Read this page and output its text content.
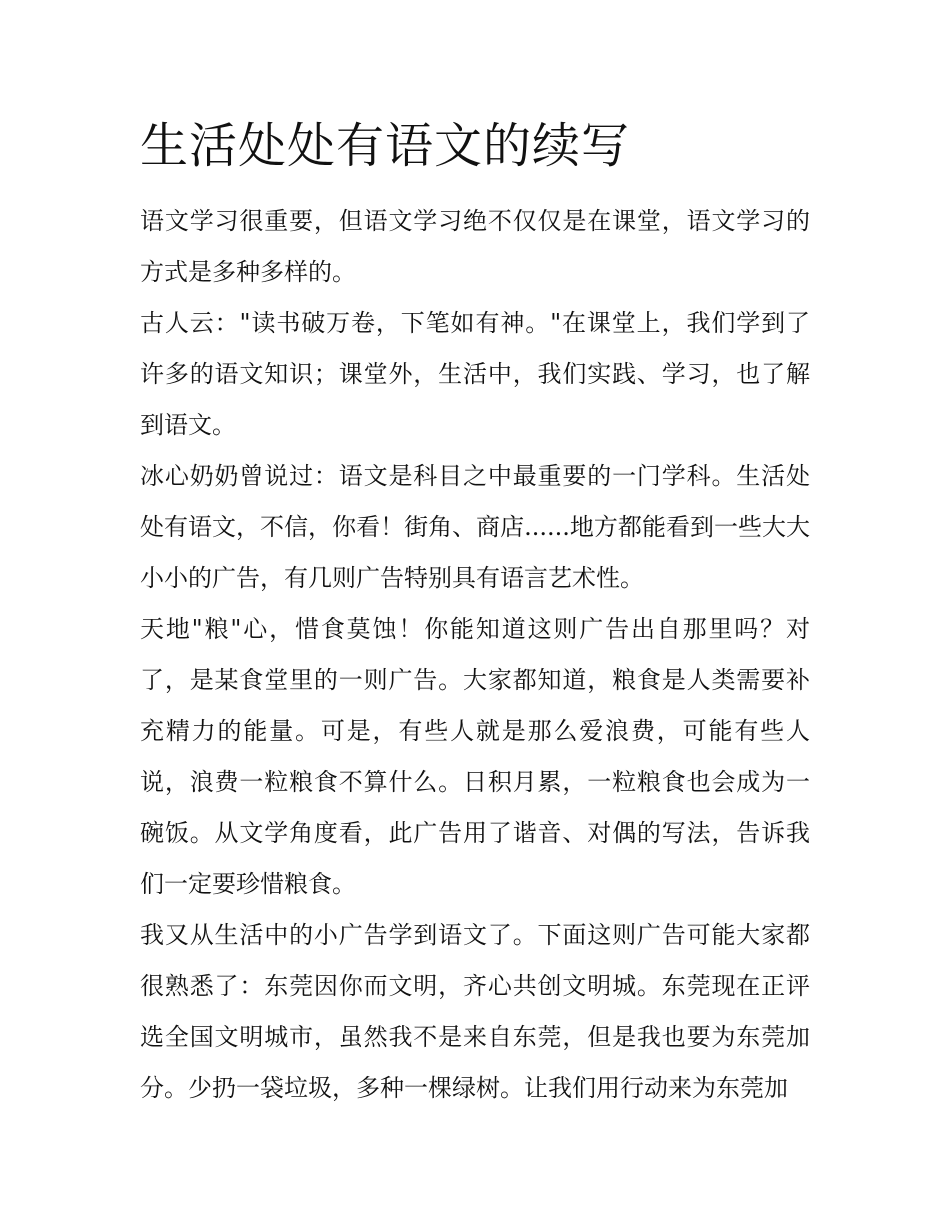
生活处处有语文的续写

语文学习很重要，但语文学习绝不仅仅是在课堂，语文学习的方式是多种多样的。

古人云："读书破万卷，下笔如有神。"在课堂上，我们学到了许多的语文知识；课堂外，生活中，我们实践、学习，也了解到语文。

冰心奶奶曾说过：语文是科目之中最重要的一门学科。生活处处有语文，不信，你看！街角、商店......地方都能看到一些大大小小的广告，有几则广告特别具有语言艺术性。

天地"粮"心，惜食莫蚀！你能知道这则广告出自那里吗？对了，是某食堂里的一则广告。大家都知道，粮食是人类需要补充精力的能量。可是，有些人就是那么爱浪费，可能有些人说，浪费一粒粮食不算什么。日积月累，一粒粮食也会成为一碗饭。从文学角度看，此广告用了谐音、对偶的写法，告诉我们一定要珍惜粮食。

我又从生活中的小广告学到语文了。下面这则广告可能大家都很熟悉了：东莞因你而文明，齐心共创文明城。东莞现在正评选全国文明城市，虽然我不是来自东莞，但是我也要为东莞加分。少扔一袋垃圾，多种一棵绿树。让我们用行动来为东莞加
